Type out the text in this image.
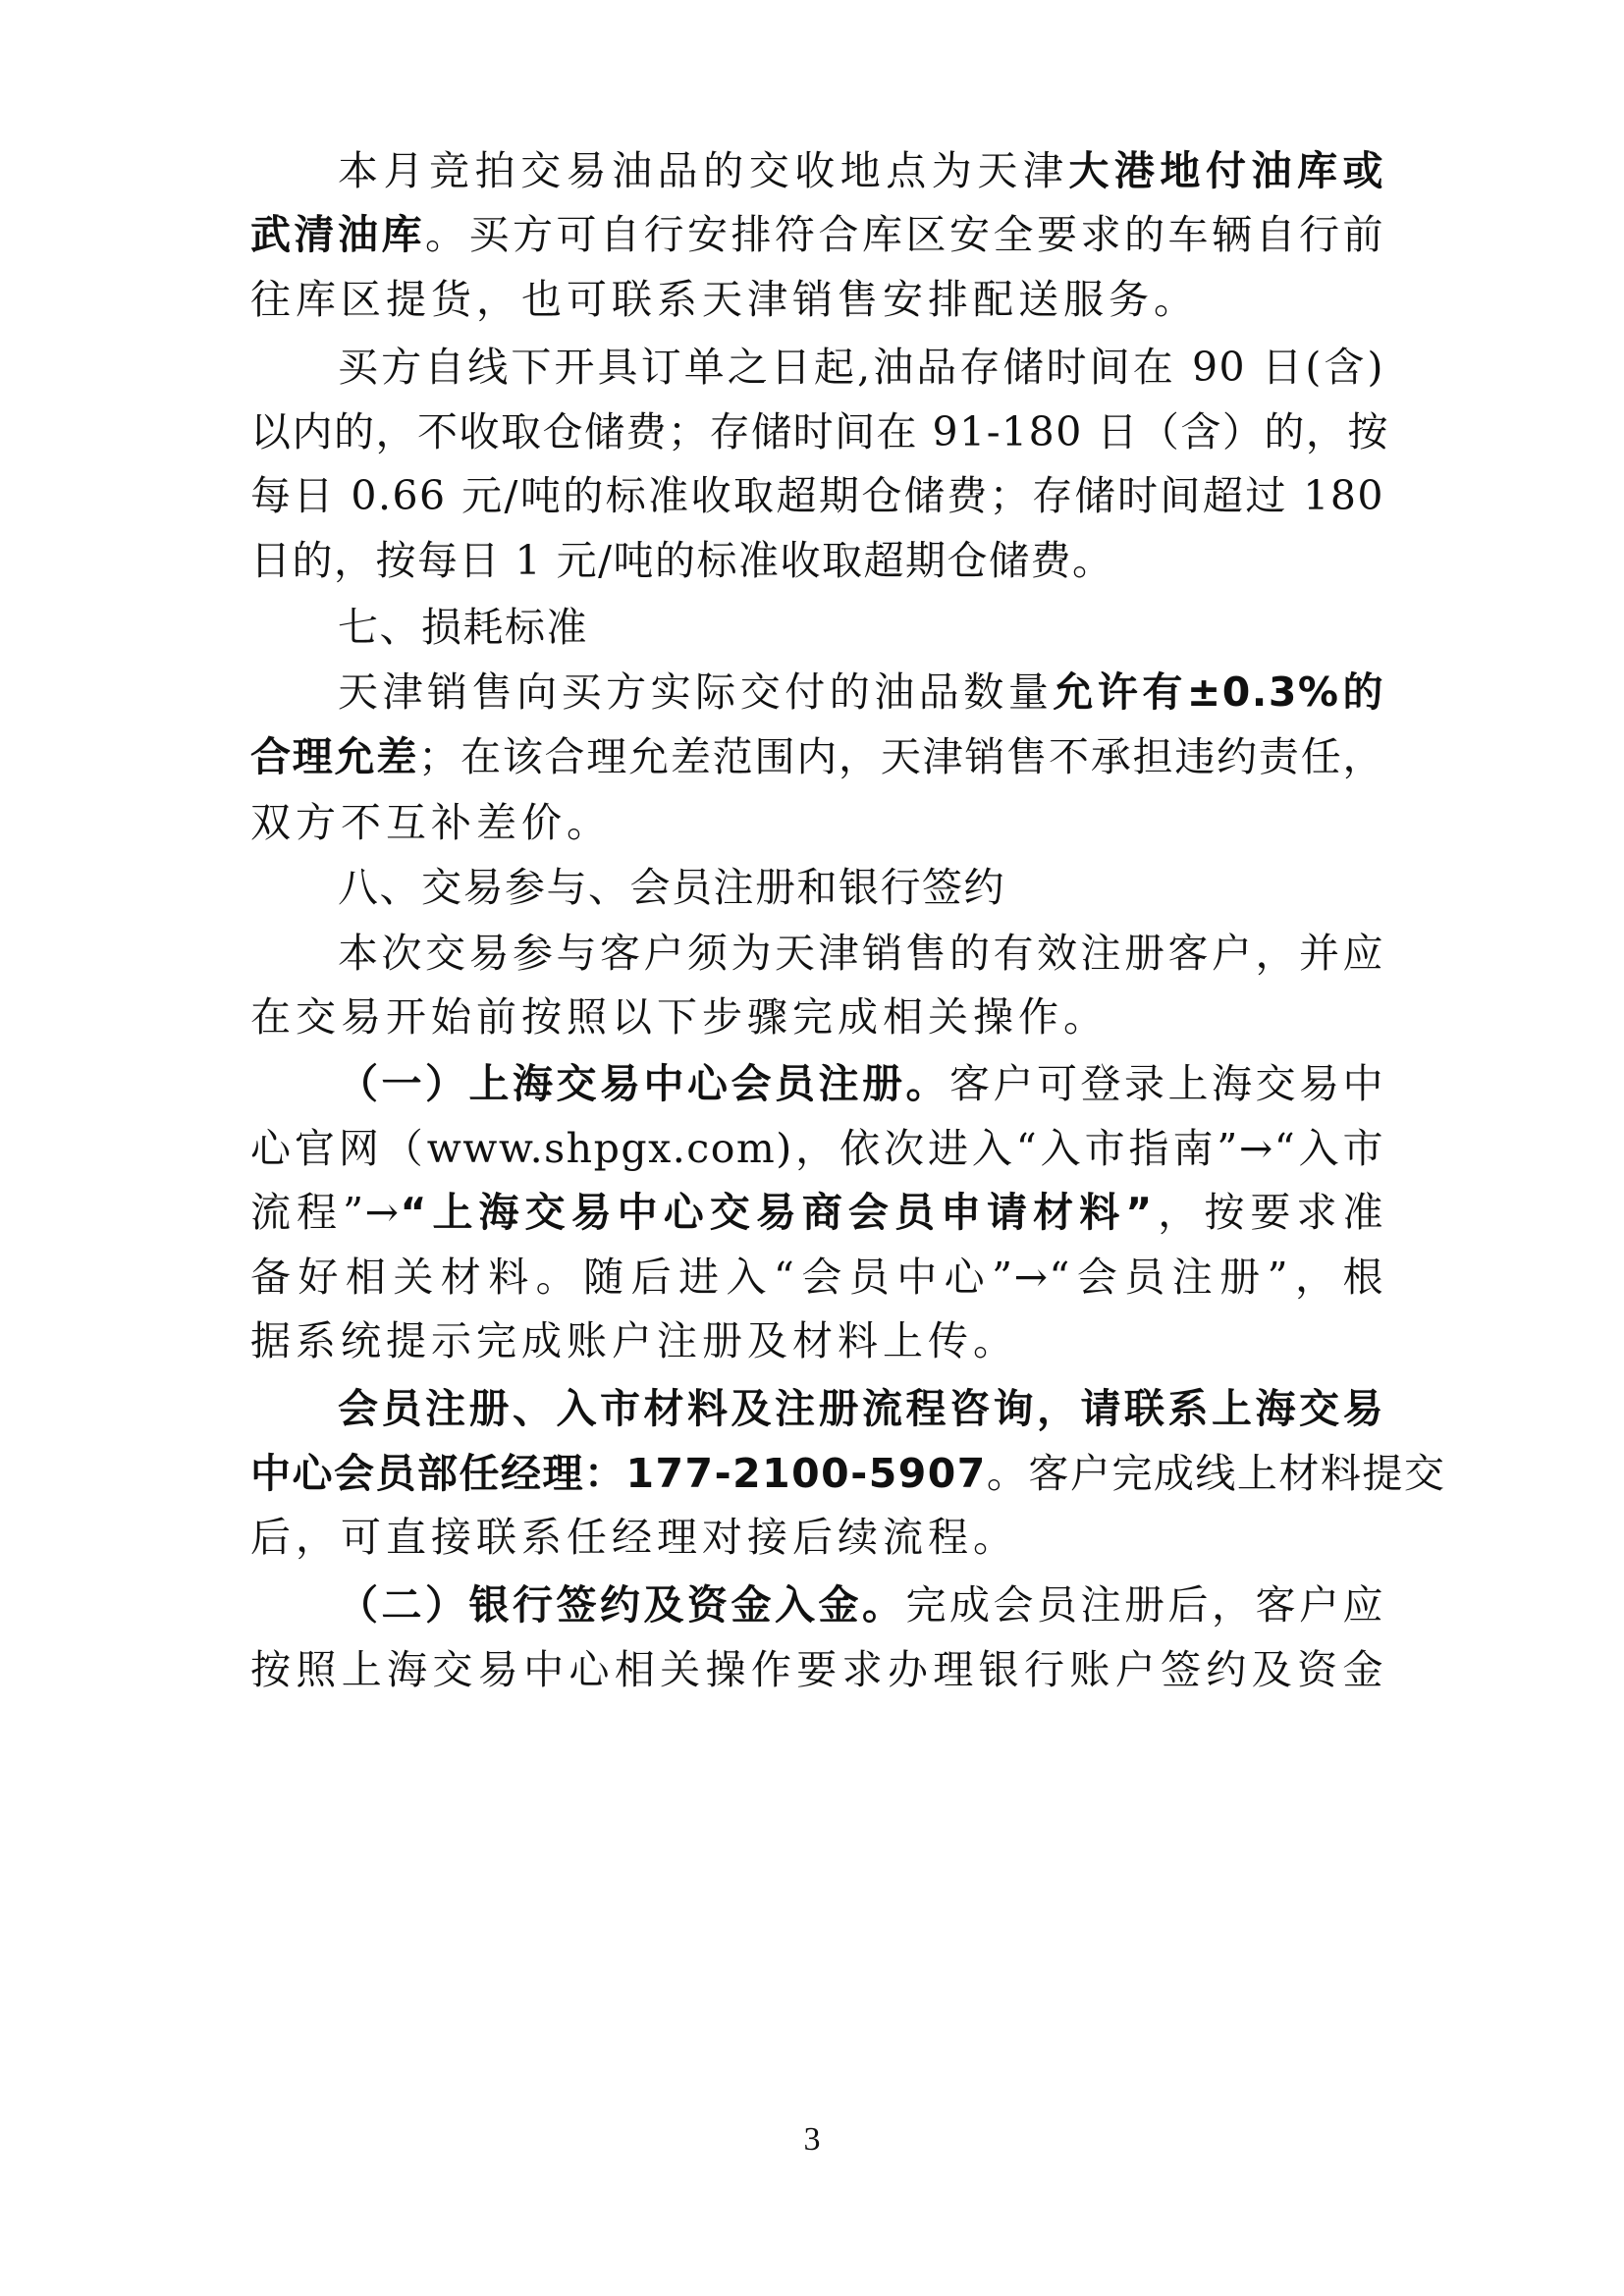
本月竞拍交易油品的交收地点为天津大港地付油库或
武清油库。买方可自行安排符合库区安全要求的车辆自行前
往库区提货，也可联系天津销售安排配送服务。
买方自线下开具订单之日起,油品存储时间在 90 日(含)
以内的，不收取仓储费；存储时间在 91-180 日（含）的，按
每日 0.66 元/吨的标准收取超期仓储费；存储时间超过 180
日的，按每日 1 元/吨的标准收取超期仓储费。
七、损耗标准
天津销售向买方实际交付的油品数量允许有±0.3%的
合理允差；在该合理允差范围内，天津销售不承担违约责任，
双方不互补差价。
八、交易参与、会员注册和银行签约
本次交易参与客户须为天津销售的有效注册客户，并应
在交易开始前按照以下步骤完成相关操作。
（一）上海交易中心会员注册。客户可登录上海交易中
心官网（www.shpgx.com)，依次进入“入市指南”→“入市
流程”→“上海交易中心交易商会员申请材料”，按要求准
备好相关材料。随后进入“会员中心”→“会员注册”，根
据系统提示完成账户注册及材料上传。
会员注册、入市材料及注册流程咨询，请联系上海交易
中心会员部任经理：177-2100-5907。客户完成线上材料提交
后，可直接联系任经理对接后续流程。
（二）银行签约及资金入金。完成会员注册后，客户应
按照上海交易中心相关操作要求办理银行账户签约及资金
3
